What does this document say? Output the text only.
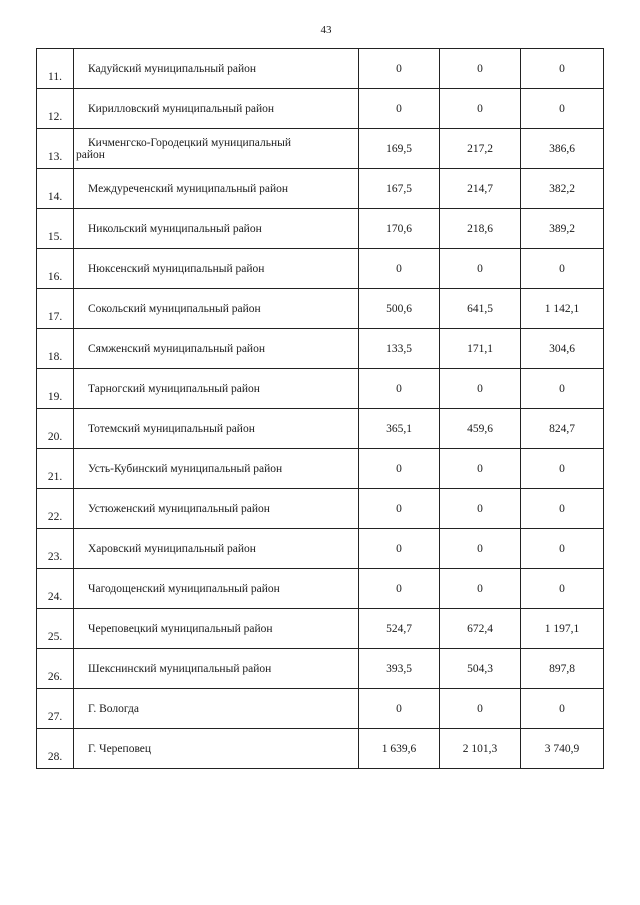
43
11.	Кадуйский муниципальный район	0	0	0
12.	Кирилловский муниципальный район	0	0	0
13.	Кичменгско-Городецкий муниципальный
район	169,5	217,2	386,6
14.	Междуреченский муниципальный район	167,5	214,7	382,2
15.	Никольский муниципальный район	170,6	218,6	389,2
16.	Нюксенский муниципальный район	0	0	0
17.	Сокольский муниципальный район	500,6	641,5	1 142,1
18.	Сямженский муниципальный район	133,5	171,1	304,6
19.	Тарногский муниципальный район	0	0	0
20.	Тотемский муниципальный район	365,1	459,6	824,7
21.	Усть-Кубинский муниципальный район	0	0	0
22.	Устюженский муниципальный район	0	0	0
23.	Харовский муниципальный район	0	0	0
24.	Чагодощенский муниципальный район	0	0	0
25.	Череповецкий муниципальный район	524,7	672,4	1 197,1
26.	Шекснинский муниципальный район	393,5	504,3	897,8
27.	Г. Вологда	0	0	0
28.	Г. Череповец	1 639,6	2 101,3	3 740,9
